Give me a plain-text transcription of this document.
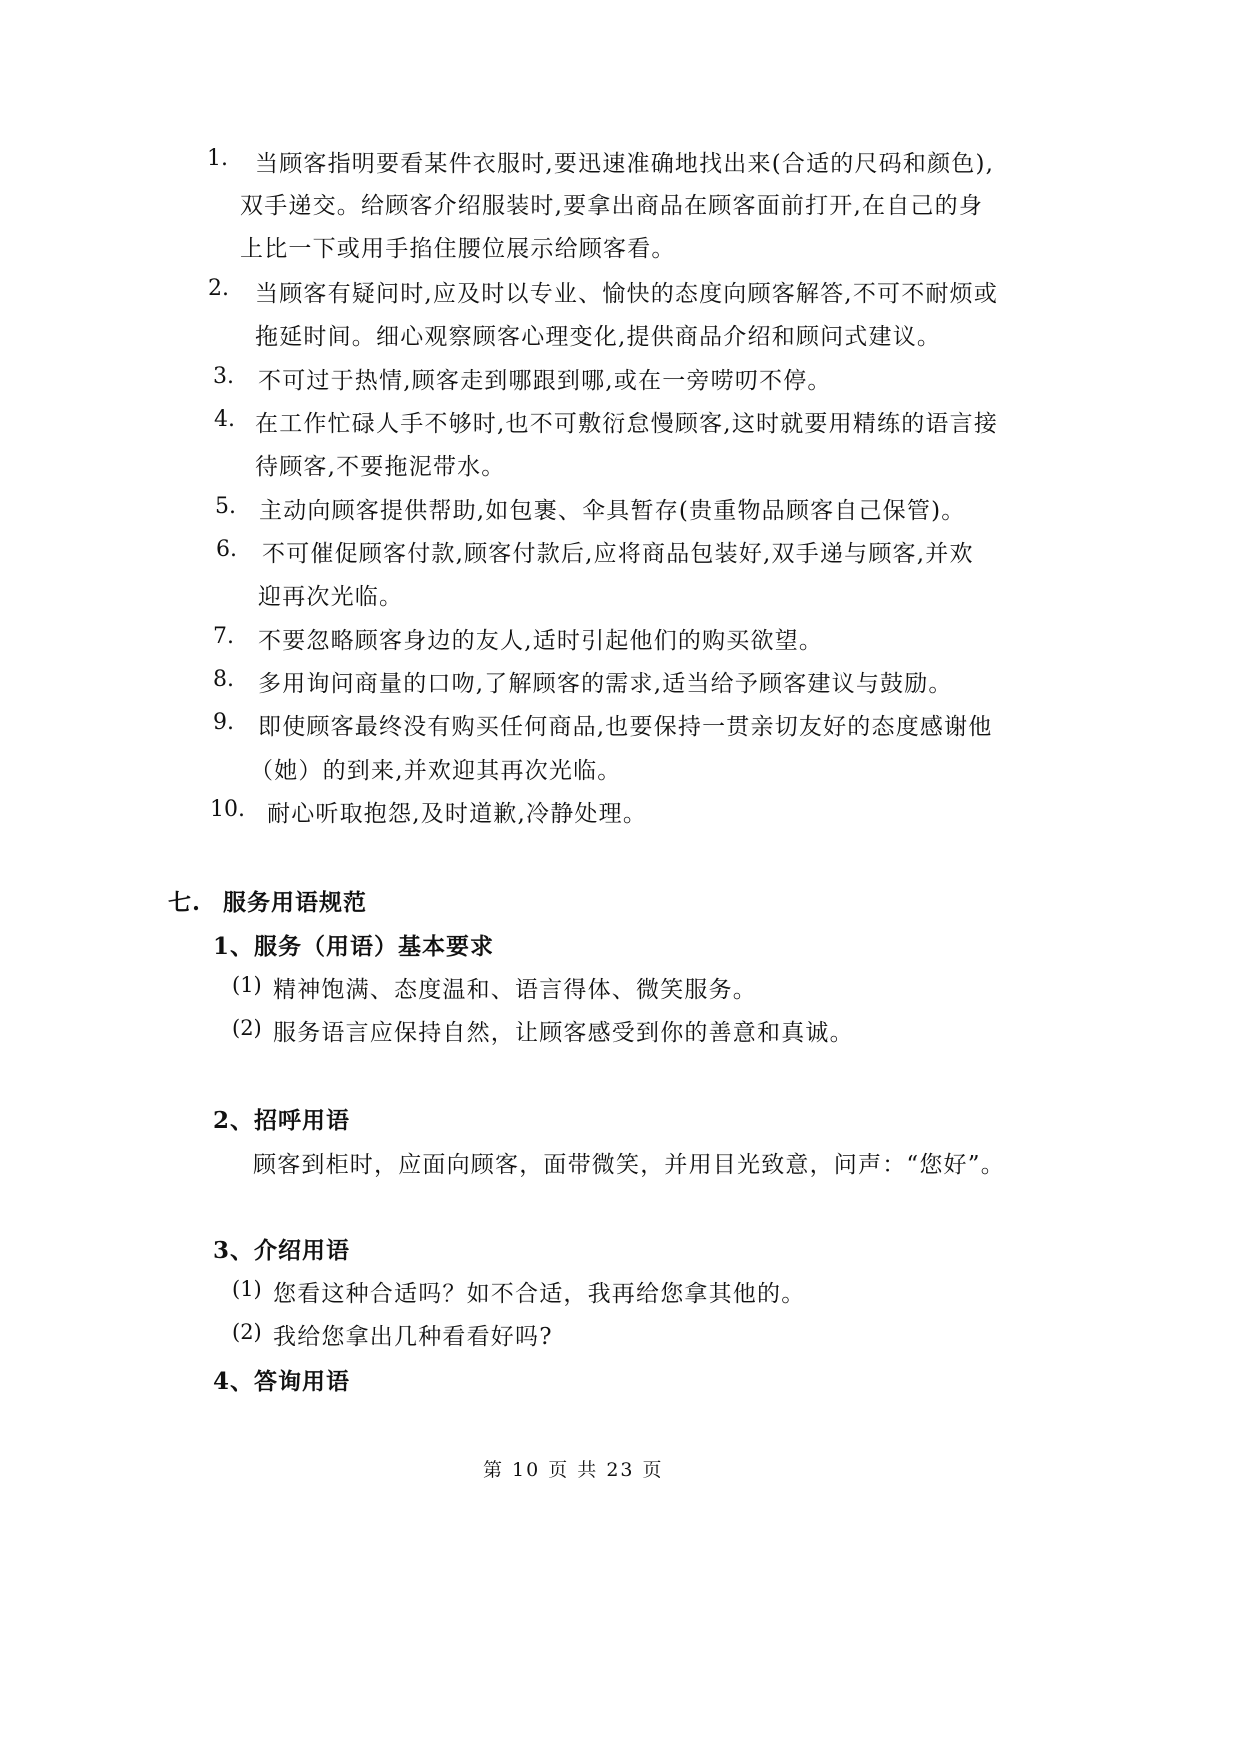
1. 当顾客指明要看某件衣服时,要迅速准确地找出来(合适的尺码和颜色),
双手递交。给顾客介绍服装时,要拿出商品在顾客面前打开,在自己的身
上比一下或用手掐住腰位展示给顾客看。
2. 当顾客有疑问时,应及时以专业、愉快的态度向顾客解答,不可不耐烦或
拖延时间。细心观察顾客心理变化,提供商品介绍和顾问式建议。
3. 不可过于热情,顾客走到哪跟到哪,或在一旁唠叨不停。
4. 在工作忙碌人手不够时,也不可敷衍怠慢顾客,这时就要用精练的语言接
待顾客,不要拖泥带水。
5. 主动向顾客提供帮助,如包裹、伞具暂存(贵重物品顾客自己保管)。
6. 不可催促顾客付款,顾客付款后,应将商品包装好,双手递与顾客,并欢
迎再次光临。
7. 不要忽略顾客身边的友人,适时引起他们的购买欲望。
8. 多用询问商量的口吻,了解顾客的需求,适当给予顾客建议与鼓励。
9. 即使顾客最终没有购买任何商品,也要保持一贯亲切友好的态度感谢他
（她）的到来,并欢迎其再次光临。
10. 耐心听取抱怨,及时道歉,冷静处理。
七. 服务用语规范
1、服务（用语）基本要求
(1) 精神饱满、态度温和、语言得体、微笑服务。
(2) 服务语言应保持自然，让顾客感受到你的善意和真诚。
2、招呼用语
顾客到柜时，应面向顾客，面带微笑，并用目光致意，问声：“您好”。
3、介绍用语
(1) 您看这种合适吗？如不合适，我再给您拿其他的。
(2) 我给您拿出几种看看好吗?
4、答询用语
第 10 页 共 23 页
